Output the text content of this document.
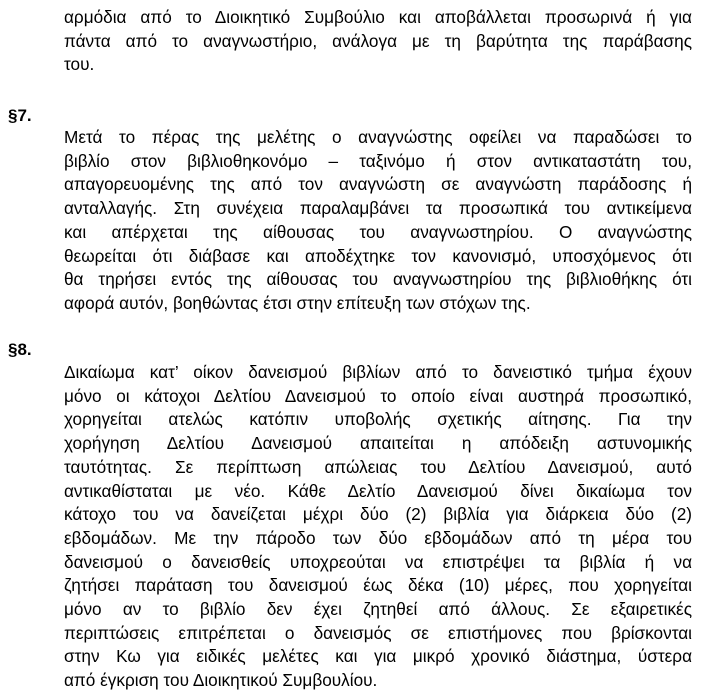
αρμόδια από το Διοικητικό Συμβούλιο και αποβάλλεται προσωρινά ή για
πάντα από το αναγνωστήριο, ανάλογα με τη βαρύτητα της παράβασης
του.
§7.
Μετά το πέρας της μελέτης ο αναγνώστης οφείλει να παραδώσει το
βιβλίο στον βιβλιοθηκονόμο – ταξινόμο ή στον αντικαταστάτη του,
απαγορευομένης της από τον αναγνώστη σε αναγνώστη παράδοσης ή
ανταλλαγής. Στη συνέχεια παραλαμβάνει τα προσωπικά του αντικείμενα
και απέρχεται της αίθουσας του αναγνωστηρίου. Ο αναγνώστης
θεωρείται ότι διάβασε και αποδέχτηκε τον κανονισμό, υποσχόμενος ότι
θα τηρήσει εντός της αίθουσας του αναγνωστηρίου της βιβλιοθήκης ότι
αφορά αυτόν, βοηθώντας έτσι στην επίτευξη των στόχων της.
§8.
Δικαίωμα κατ’ οίκον δανεισμού βιβλίων από το δανειστικό τμήμα έχουν
μόνο οι κάτοχοι Δελτίου Δανεισμού το οποίο είναι αυστηρά προσωπικό,
χορηγείται ατελώς κατόπιν υποβολής σχετικής αίτησης. Για την
χορήγηση Δελτίου Δανεισμού απαιτείται η απόδειξη αστυνομικής
ταυτότητας. Σε περίπτωση απώλειας του Δελτίου Δανεισμού, αυτό
αντικαθίσταται με νέο. Κάθε Δελτίο Δανεισμού δίνει δικαίωμα τον
κάτοχο του να δανείζεται μέχρι δύο (2) βιβλία για διάρκεια δύο (2)
εβδομάδων. Με την πάροδο των δύο εβδομάδων από τη μέρα του
δανεισμού ο δανεισθείς υποχρεούται να επιστρέψει τα βιβλία ή να
ζητήσει παράταση του δανεισμού έως δέκα (10) μέρες, που χορηγείται
μόνο αν το βιβλίο δεν έχει ζητηθεί από άλλους. Σε εξαιρετικές
περιπτώσεις επιτρέπεται ο δανεισμός σε επιστήμονες που βρίσκονται
στην Κω για ειδικές μελέτες και για μικρό χρονικό διάστημα, ύστερα
από έγκριση του Διοικητικού Συμβουλίου.
